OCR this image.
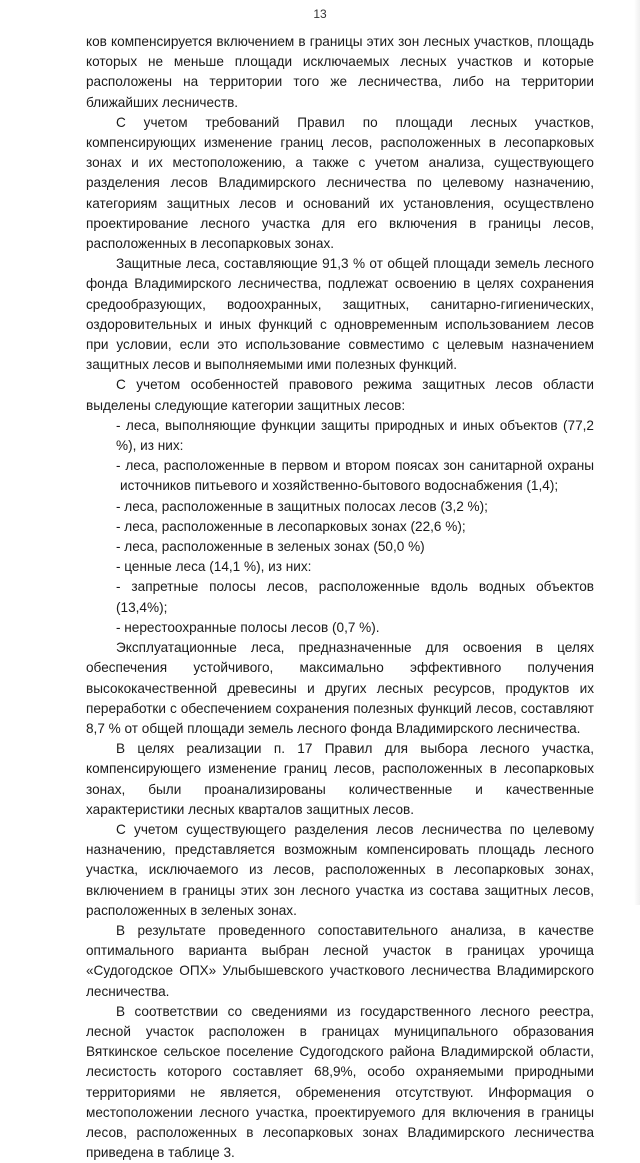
13

ков компенсируется включением в границы этих зон лесных участков, площадь которых не меньше площади исключаемых лесных участков и которые расположены на территории того же лесничества, либо на территории ближайших лесничеств.

С учетом требований Правил по площади лесных участков, компенсирующих изменение границ лесов, расположенных в лесопарковых зонах и их местоположению, а также с учетом анализа, существующего разделения лесов Владимирского лесничества по целевому назначению, категориям защитных лесов и оснований их установления, осуществлено проектирование лесного участка для его включения в границы лесов, расположенных в лесопарковых зонах.

Защитные леса, составляющие 91,3 % от общей площади земель лесного фонда Владимирского лесничества, подлежат освоению в целях сохранения средообразующих, водоохранных, защитных, санитарно-гигиенических, оздоровительных и иных функций с одновременным использованием лесов при условии, если это использование совместимо с целевым назначением защитных лесов и выполняемыми ими полезных функций.

С учетом особенностей правового режима защитных лесов области выделены следующие категории защитных лесов:

- леса, выполняющие функции защиты природных и иных объектов (77,2 %), из них:

- леса, расположенные в первом и втором поясах зон санитарной охраны источников питьевого и хозяйственно-бытового водоснабжения (1,4);

- леса, расположенные в защитных полосах лесов (3,2 %);

- леса, расположенные в лесопарковых зонах (22,6 %);

- леса, расположенные в зеленых зонах (50,0 %)

- ценные леса (14,1 %), из них:

- запретные полосы лесов, расположенные вдоль водных объектов (13,4%);

- нерестоохранные полосы лесов (0,7 %).

Эксплуатационные леса, предназначенные для освоения в целях обеспечения устойчивого, максимально эффективного получения высококачественной древесины и других лесных ресурсов, продуктов их переработки с обеспечением сохранения полезных функций лесов, составляют 8,7 % от общей площади земель лесного фонда Владимирского лесничества.

В целях реализации п. 17 Правил для выбора лесного участка, компенсирующего изменение границ лесов, расположенных в лесопарковых зонах, были проанализированы количественные и качественные характеристики лесных кварталов защитных лесов.

С учетом существующего разделения лесов лесничества по целевому назначению, представляется возможным компенсировать площадь лесного участка, исключаемого из лесов, расположенных в лесопарковых зонах, включением в границы этих зон лесного участка из состава защитных лесов, расположенных в зеленых зонах.

В результате проведенного сопоставительного анализа, в качестве оптимального варианта выбран лесной участок в границах урочища «Судогодское ОПХ» Улыбышевского участкового лесничества Владимирского лесничества.

В соответствии со сведениями из государственного лесного реестра, лесной участок расположен в границах муниципального образования Вяткинское сельское поселение Судогодского района Владимирской области, лесистость которого составляет 68,9%, особо охраняемыми природными территориями не является, обременения отсутствуют. Информация о местоположении лесного участка, проектируемого для включения в границы лесов, расположенных в лесопарковых зонах Владимирского лесничества приведена в таблице 3.
